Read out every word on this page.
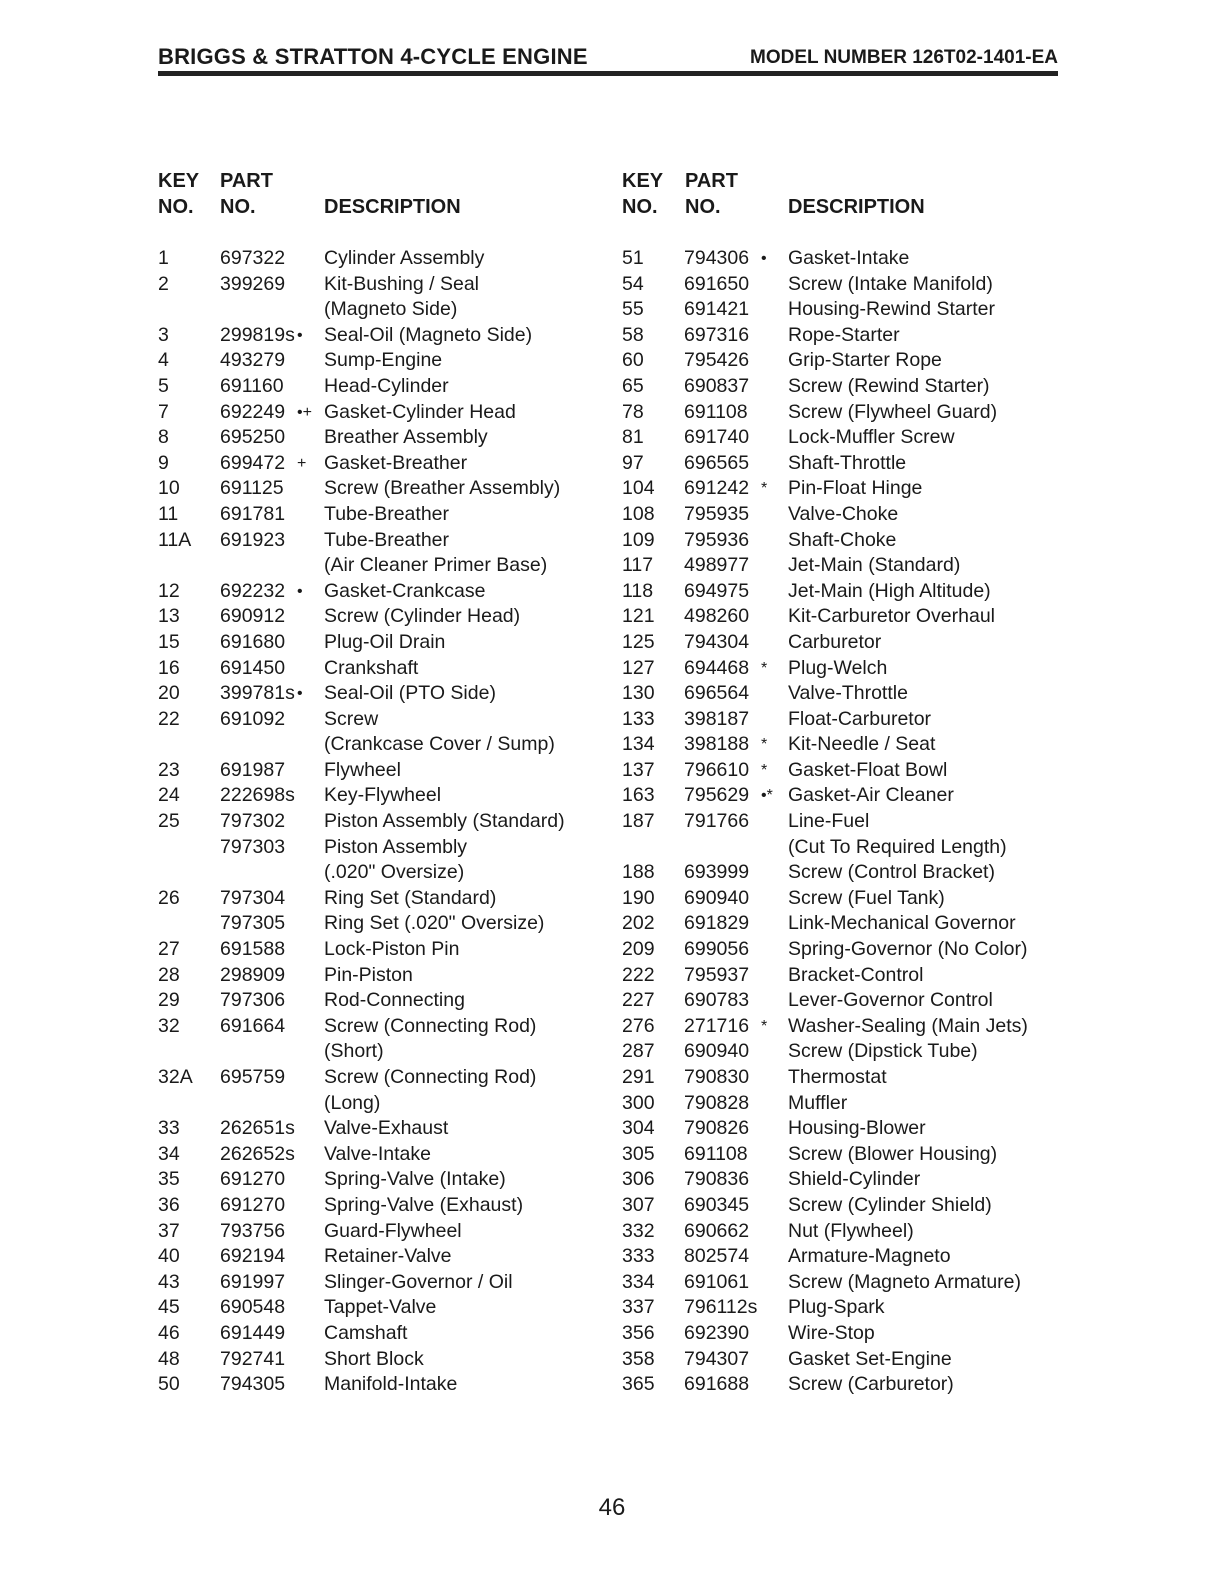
BRIGGS & STRATTON 4-CYCLE ENGINE	MODEL NUMBER 126T02-1401-EA
KEY
NO.
PART
NO.	DESCRIPTION
1	697322 Cylinder Assembly
2	399269 Kit-Bushing / Seal
(Magneto Side)
3	299819s • Seal-Oil (Magneto Side)
4	493279 Sump-Engine
5	691160 Head-Cylinder
7	692249 •+ Gasket-Cylinder Head
8	695250 Breather Assembly
9	699472 + Gasket-Breather
10 691125 Screw (Breather Assembly)
11 691781 Tube-Breather
11A 691923 Tube-Breather
(Air Cleaner Primer Base)
12 692232 • Gasket-Crankcase
13 690912 Screw (Cylinder Head)
15 691680 Plug-Oil Drain
16 691450 Crankshaft
20 399781s • Seal-Oil (PTO Side)
22 691092 Screw
(Crankcase Cover / Sump)
23 691987 Flywheel
24 222698s Key-Flywheel
25 797302 Piston Assembly (Standard)
797303 Piston Assembly
(.020" Oversize)
26 797304 Ring Set (Standard)
797305 Ring Set (.020" Oversize)
27 691588 Lock-Piston Pin
28 298909 Pin-Piston
29 797306 Rod-Connecting
32 691664 Screw (Connecting Rod)
(Short)
32A 695759 Screw (Connecting Rod)
(Long)
33 262651s Valve-Exhaust
34 262652s Valve-Intake
35 691270 Spring-Valve (Intake)
36 691270 Spring-Valve (Exhaust)
37 793756 Guard-Flywheel
40 692194 Retainer-Valve
43 691997 Slinger-Governor / Oil
45 690548 Tappet-Valve
46 691449 Camshaft
48 792741 Short Block
50 794305 Manifold-Intake
KEY
NO.
PART
NO.	DESCRIPTION
51 794306 • Gasket-Intake
54 691650 Screw (Intake Manifold)
55 691421 Housing-Rewind Starter
58 697316 Rope-Starter
60 795426 Grip-Starter Rope
65 690837 Screw (Rewind Starter)
78 691108 Screw (Flywheel Guard)
81 691740 Lock-Muffler Screw
97 696565 Shaft-Throttle
104 691242 * Pin-Float Hinge
108 795935 Valve-Choke
109 795936 Shaft-Choke
117 498977 Jet-Main (Standard)
118 694975 Jet-Main (High Altitude)
121 498260 Kit-Carburetor Overhaul
125 794304 Carburetor
127 694468 * Plug-Welch
130 696564 Valve-Throttle
133 398187 Float-Carburetor
134 398188 * Kit-Needle / Seat
137 796610 * Gasket-Float Bowl
163 795629 •* Gasket-Air Cleaner
187 791766 Line-Fuel
(Cut To Required Length)
188 693999 Screw (Control Bracket)
190 690940 Screw (Fuel Tank)
202 691829 Link-Mechanical Governor
209 699056 Spring-Governor (No Color)
222 795937 Bracket-Control
227 690783 Lever-Governor Control
276 271716 * Washer-Sealing (Main Jets)
287 690940 Screw (Dipstick Tube)
291 790830 Thermostat
300 790828 Muffler
304 790826 Housing-Blower
305 691108 Screw (Blower Housing)
306 790836 Shield-Cylinder
307 690345 Screw (Cylinder Shield)
332 690662 Nut (Flywheel)
333 802574 Armature-Magneto
334 691061 Screw (Magneto Armature)
337 796112s Plug-Spark
356 692390 Wire-Stop
358 794307 Gasket Set-Engine
365 691688 Screw (Carburetor)
46
